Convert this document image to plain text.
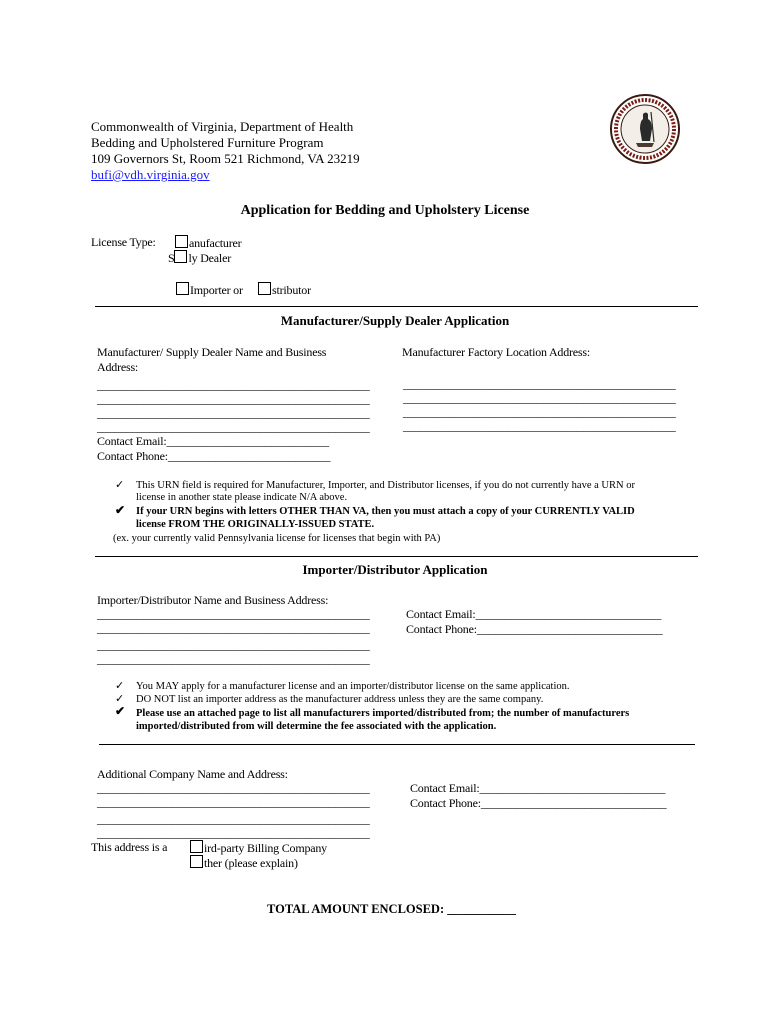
Commonwealth of Virginia, Department of Health
Bedding and Upholstered Furniture Program
109 Governors St, Room 521 Richmond, VA 23219
bufi@vdh.virginia.gov
Application for Bedding and Upholstery License
License Type:	anufacturer
S ly Dealer
Importer or	stributor
Manufacturer/Supply Dealer Application
Manufacturer/ Supply Dealer Name and Business
Address:
Manufacturer Factory Location Address:
_______________________________________________
_______________________________________________
_______________________________________________
_______________________________________________
_______________________________________________
_______________________________________________
_______________________________________________
_______________________________________________
Contact Email:____________________________
Contact Phone:____________________________
✓ This URN field is required for Manufacturer, Importer, and Distributor licenses, if you do not currently have a URN or
license in another state please indicate N/A above.
✔ If your URN begins with letters OTHER THAN VA, then you must attach a copy of your CURRENTLY VALID
license FROM THE ORIGINALLY-ISSUED STATE.
(ex. your currently valid Pennsylvania license for licenses that begin with PA)
Importer/Distributor Application
Importer/Distributor Name and Business Address:
_______________________________________________
_______________________________________________
_______________________________________________
_______________________________________________
Contact Email:________________________________
Contact Phone:________________________________
✓ You MAY apply for a manufacturer license and an importer/distributor license on the same application.
✓ DO NOT list an importer address as the manufacturer address unless they are the same company.
✔ Please use an attached page to list all manufacturers imported/distributed from; the number of manufacturers
imported/distributed from will determine the fee associated with the application.
Additional Company Name and Address:
_______________________________________________
_______________________________________________
_______________________________________________
_______________________________________________
Contact Email:________________________________
Contact Phone:________________________________
This address is a	ird-party Billing Company
ther (please explain)
TOTAL AMOUNT ENCLOSED: ___________
